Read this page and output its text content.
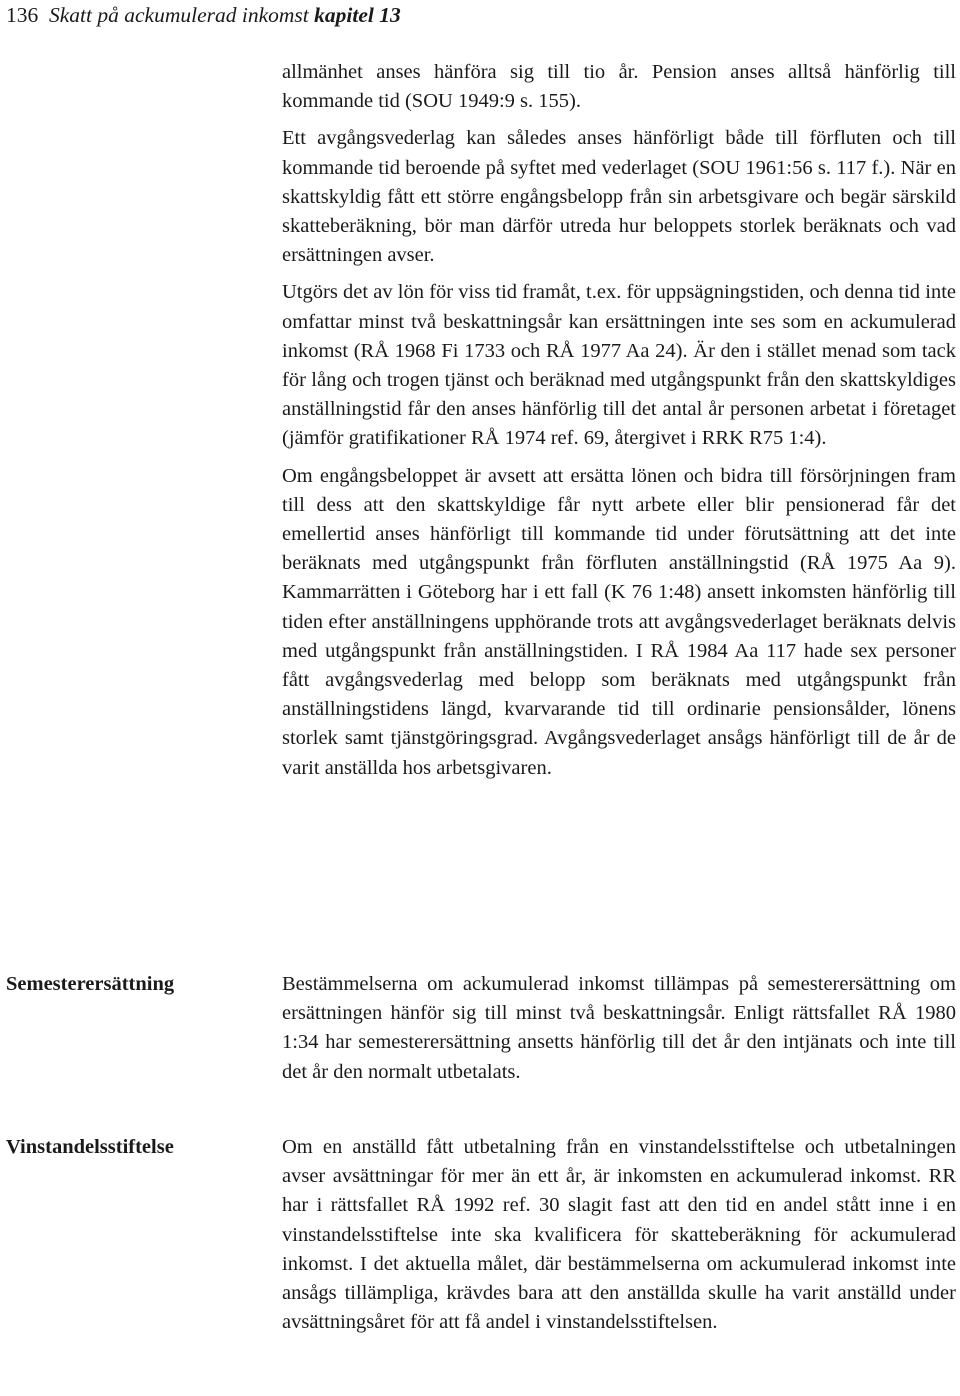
136 Skatt på ackumulerad inkomst kapitel 13

allmänhet anses hänföra sig till tio år. Pension anses alltså hänförlig till kommande tid (SOU 1949:9 s. 155).

Ett avgångsvederlag kan således anses hänförligt både till förfluten och till kommande tid beroende på syftet med vederlaget (SOU 1961:56 s. 117 f.). När en skattskyldig fått ett större engångsbelopp från sin arbetsgivare och begär särskild skatteberäkning, bör man därför utreda hur beloppets storlek beräknats och vad ersättningen avser.

Utgörs det av lön för viss tid framåt, t.ex. för uppsägningstiden, och denna tid inte omfattar minst två beskattningsår kan ersättningen inte ses som en ackumulerad inkomst (RÅ 1968 Fi 1733 och RÅ 1977 Aa 24). Är den i stället menad som tack för lång och trogen tjänst och beräknad med utgångspunkt från den skattskyldiges anställningstid får den anses hänförlig till det antal år personen arbetat i företaget (jämför gratifikationer RÅ 1974 ref. 69, återgivet i RRK R75 1:4).

Om engångsbeloppet är avsett att ersätta lönen och bidra till försörjningen fram till dess att den skattskyldige får nytt arbete eller blir pensionerad får det emellertid anses hänförligt till kommande tid under förutsättning att det inte beräknats med utgångspunkt från förfluten anställningstid (RÅ 1975 Aa 9). Kammarrätten i Göteborg har i ett fall (K 76 1:48) ansett inkomsten hänförlig till tiden efter anställningens upphörande trots att avgångsvederlaget beräknats delvis med utgångspunkt från anställningstiden. I RÅ 1984 Aa 117 hade sex personer fått avgångsvederlag med belopp som beräknats med utgångspunkt från anställningstidens längd, kvarvarande tid till ordinarie pensionsålder, lönens storlek samt tjänstgöringsgrad. Avgångsvederlaget ansågs hänförligt till de år de varit anställda hos arbetsgivaren.

Semesterersättning	Bestämmelserna om ackumulerad inkomst tillämpas på semesterersättning om ersättningen hänför sig till minst två beskattningsår. Enligt rättsfallet RÅ 1980 1:34 har semesterersättning ansetts hänförlig till det år den intjänats och inte till det år den normalt utbetalats.

Vinstandelsstiftelse	Om en anställd fått utbetalning från en vinstandelsstiftelse och utbetalningen avser avsättningar för mer än ett år, är inkomsten en ackumulerad inkomst. RR har i rättsfallet RÅ 1992 ref. 30 slagit fast att den tid en andel stått inne i en vinstandelsstiftelse inte ska kvalificera för skatteberäkning för ackumulerad inkomst. I det aktuella målet, där bestämmelserna om ackumulerad inkomst inte ansågs tillämpliga, krävdes bara att den anställda skulle ha varit anställd under avsättningsåret för att få andel i vinstandelsstiftelsen.
